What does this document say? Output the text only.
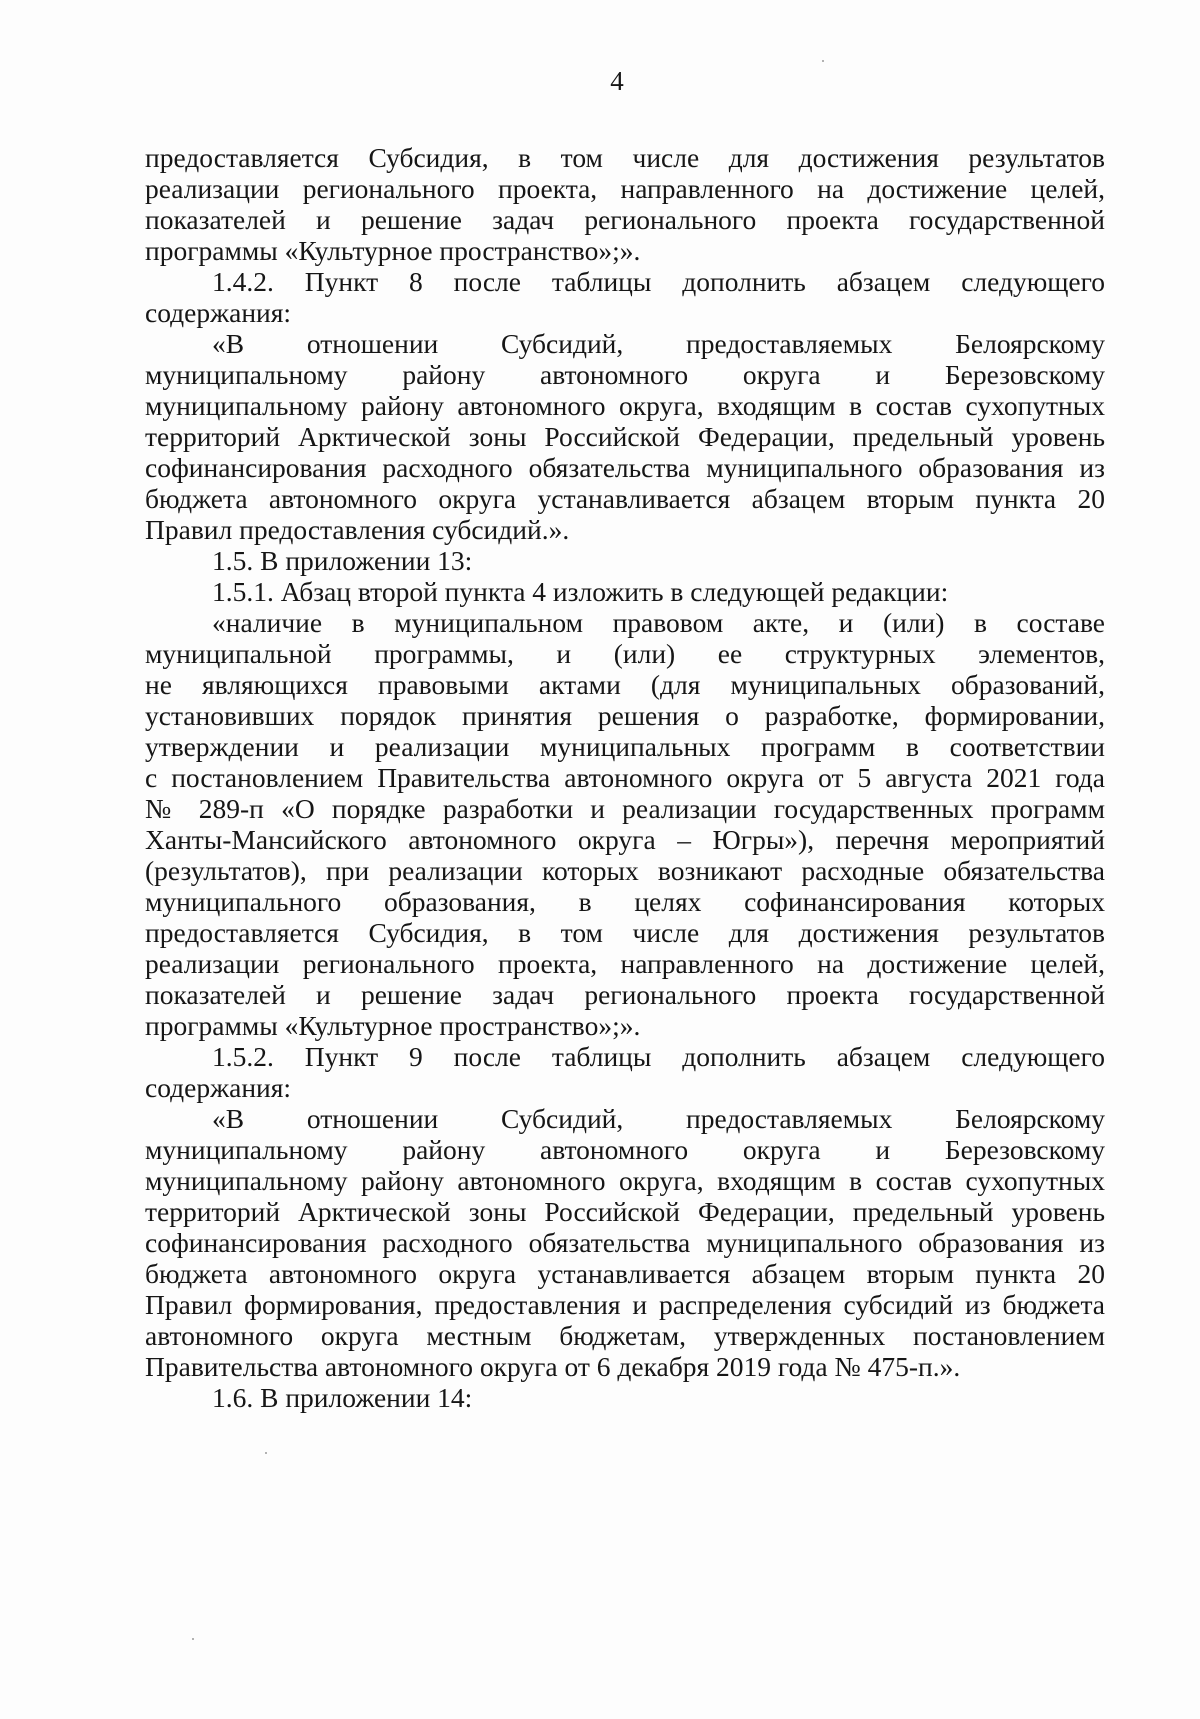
4
предоставляется Субсидия, в том числе для достижения результатов
реализации регионального проекта, направленного на достижение целей,
показателей и решение задач регионального проекта государственной
программы «Культурное пространство»;».
1.4.2. Пункт 8 после таблицы дополнить абзацем следующего
содержания:
«В отношении Субсидий, предоставляемых Белоярскому
муниципальному району автономного округа и Березовскому
муниципальному району автономного округа, входящим в состав сухопутных
территорий Арктической зоны Российской Федерации, предельный уровень
софинансирования расходного обязательства муниципального образования из
бюджета автономного округа устанавливается абзацем вторым пункта 20
Правил предоставления субсидий.».
1.5. В приложении 13:
1.5.1. Абзац второй пункта 4 изложить в следующей редакции:
«наличие в муниципальном правовом акте, и (или) в составе
муниципальной программы, и (или) ее структурных элементов,
не являющихся правовыми актами (для муниципальных образований,
установивших порядок принятия решения о разработке, формировании,
утверждении и реализации муниципальных программ в соответствии
с постановлением Правительства автономного округа от 5 августа 2021 года
№ 289-п «О порядке разработки и реализации государственных программ
Ханты-Мансийского автономного округа – Югры»), перечня мероприятий
(результатов), при реализации которых возникают расходные обязательства
муниципального образования, в целях софинансирования которых
предоставляется Субсидия, в том числе для достижения результатов
реализации регионального проекта, направленного на достижение целей,
показателей и решение задач регионального проекта государственной
программы «Культурное пространство»;».
1.5.2. Пункт 9 после таблицы дополнить абзацем следующего
содержания:
«В отношении Субсидий, предоставляемых Белоярскому
муниципальному району автономного округа и Березовскому
муниципальному району автономного округа, входящим в состав сухопутных
территорий Арктической зоны Российской Федерации, предельный уровень
софинансирования расходного обязательства муниципального образования из
бюджета автономного округа устанавливается абзацем вторым пункта 20
Правил формирования, предоставления и распределения субсидий из бюджета
автономного округа местным бюджетам, утвержденных постановлением
Правительства автономного округа от 6 декабря 2019 года № 475-п.».
1.6. В приложении 14:
